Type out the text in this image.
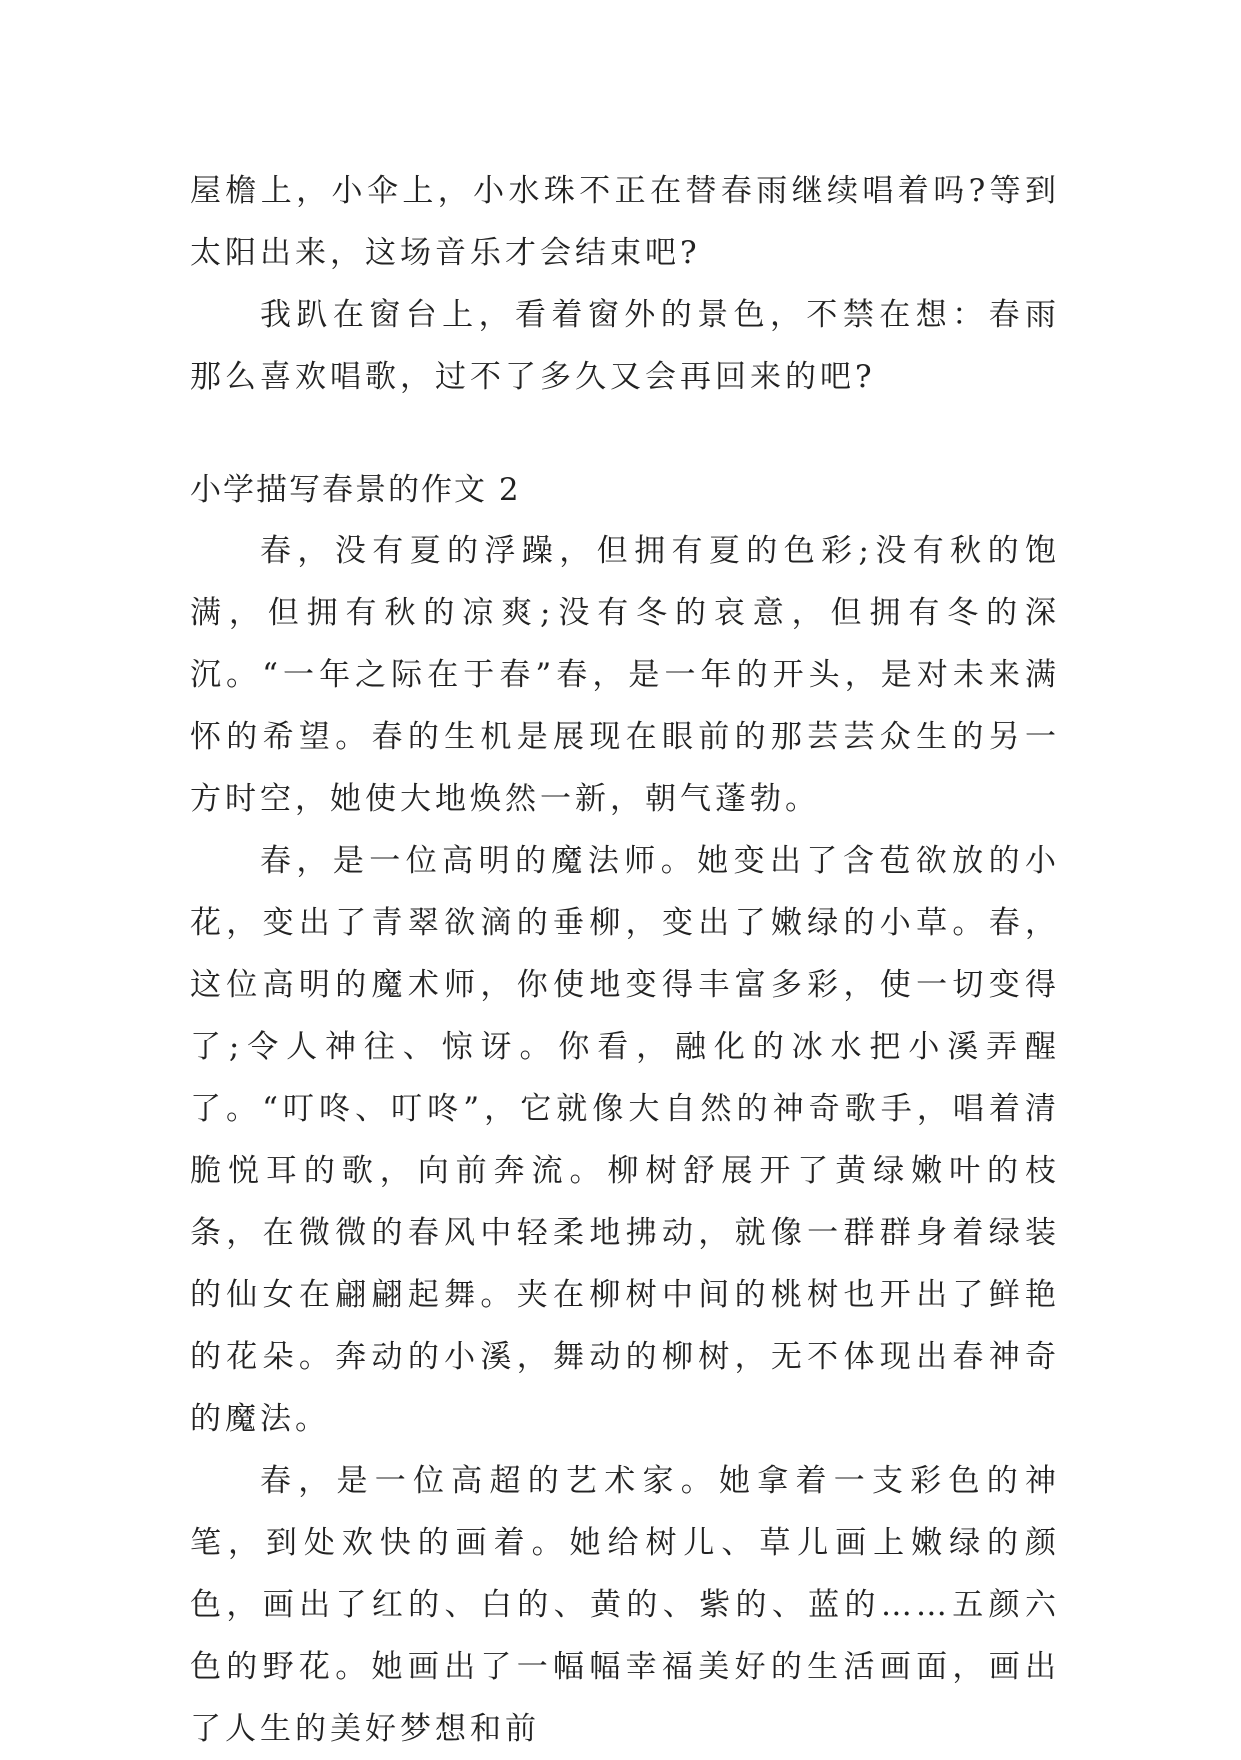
屋檐上，小伞上，小水珠不正在替春雨继续唱着吗?等到太阳出来，这场音乐才会结束吧?

我趴在窗台上，看着窗外的景色，不禁在想：春雨那么喜欢唱歌，过不了多久又会再回来的吧?

小学描写春景的作文 2

春，没有夏的浮躁，但拥有夏的色彩;没有秋的饱满，但拥有秋的凉爽;没有冬的哀意，但拥有冬的深沉。“一年之际在于春”春，是一年的开头，是对未来满怀的希望。春的生机是展现在眼前的那芸芸众生的另一方时空，她使大地焕然一新，朝气蓬勃。

春，是一位高明的魔法师。她变出了含苞欲放的小花，变出了青翠欲滴的垂柳，变出了嫩绿的小草。春，这位高明的魔术师，你使地变得丰富多彩，使一切变得了;令人神往、惊讶。你看，融化的冰水把小溪弄醒了。“叮咚、叮咚”，它就像大自然的神奇歌手，唱着清脆悦耳的歌，向前奔流。柳树舒展开了黄绿嫩叶的枝条，在微微的春风中轻柔地拂动，就像一群群身着绿装的仙女在翩翩起舞。夹在柳树中间的桃树也开出了鲜艳的花朵。奔动的小溪，舞动的柳树，无不体现出春神奇的魔法。

春，是一位高超的艺术家。她拿着一支彩色的神笔，到处欢快的画着。她给树儿、草儿画上嫩绿的颜色，画出了红的、白的、黄的、紫的、蓝的……五颜六色的野花。她画出了一幅幅幸福美好的生活画面，画出了人生的美好梦想和前
